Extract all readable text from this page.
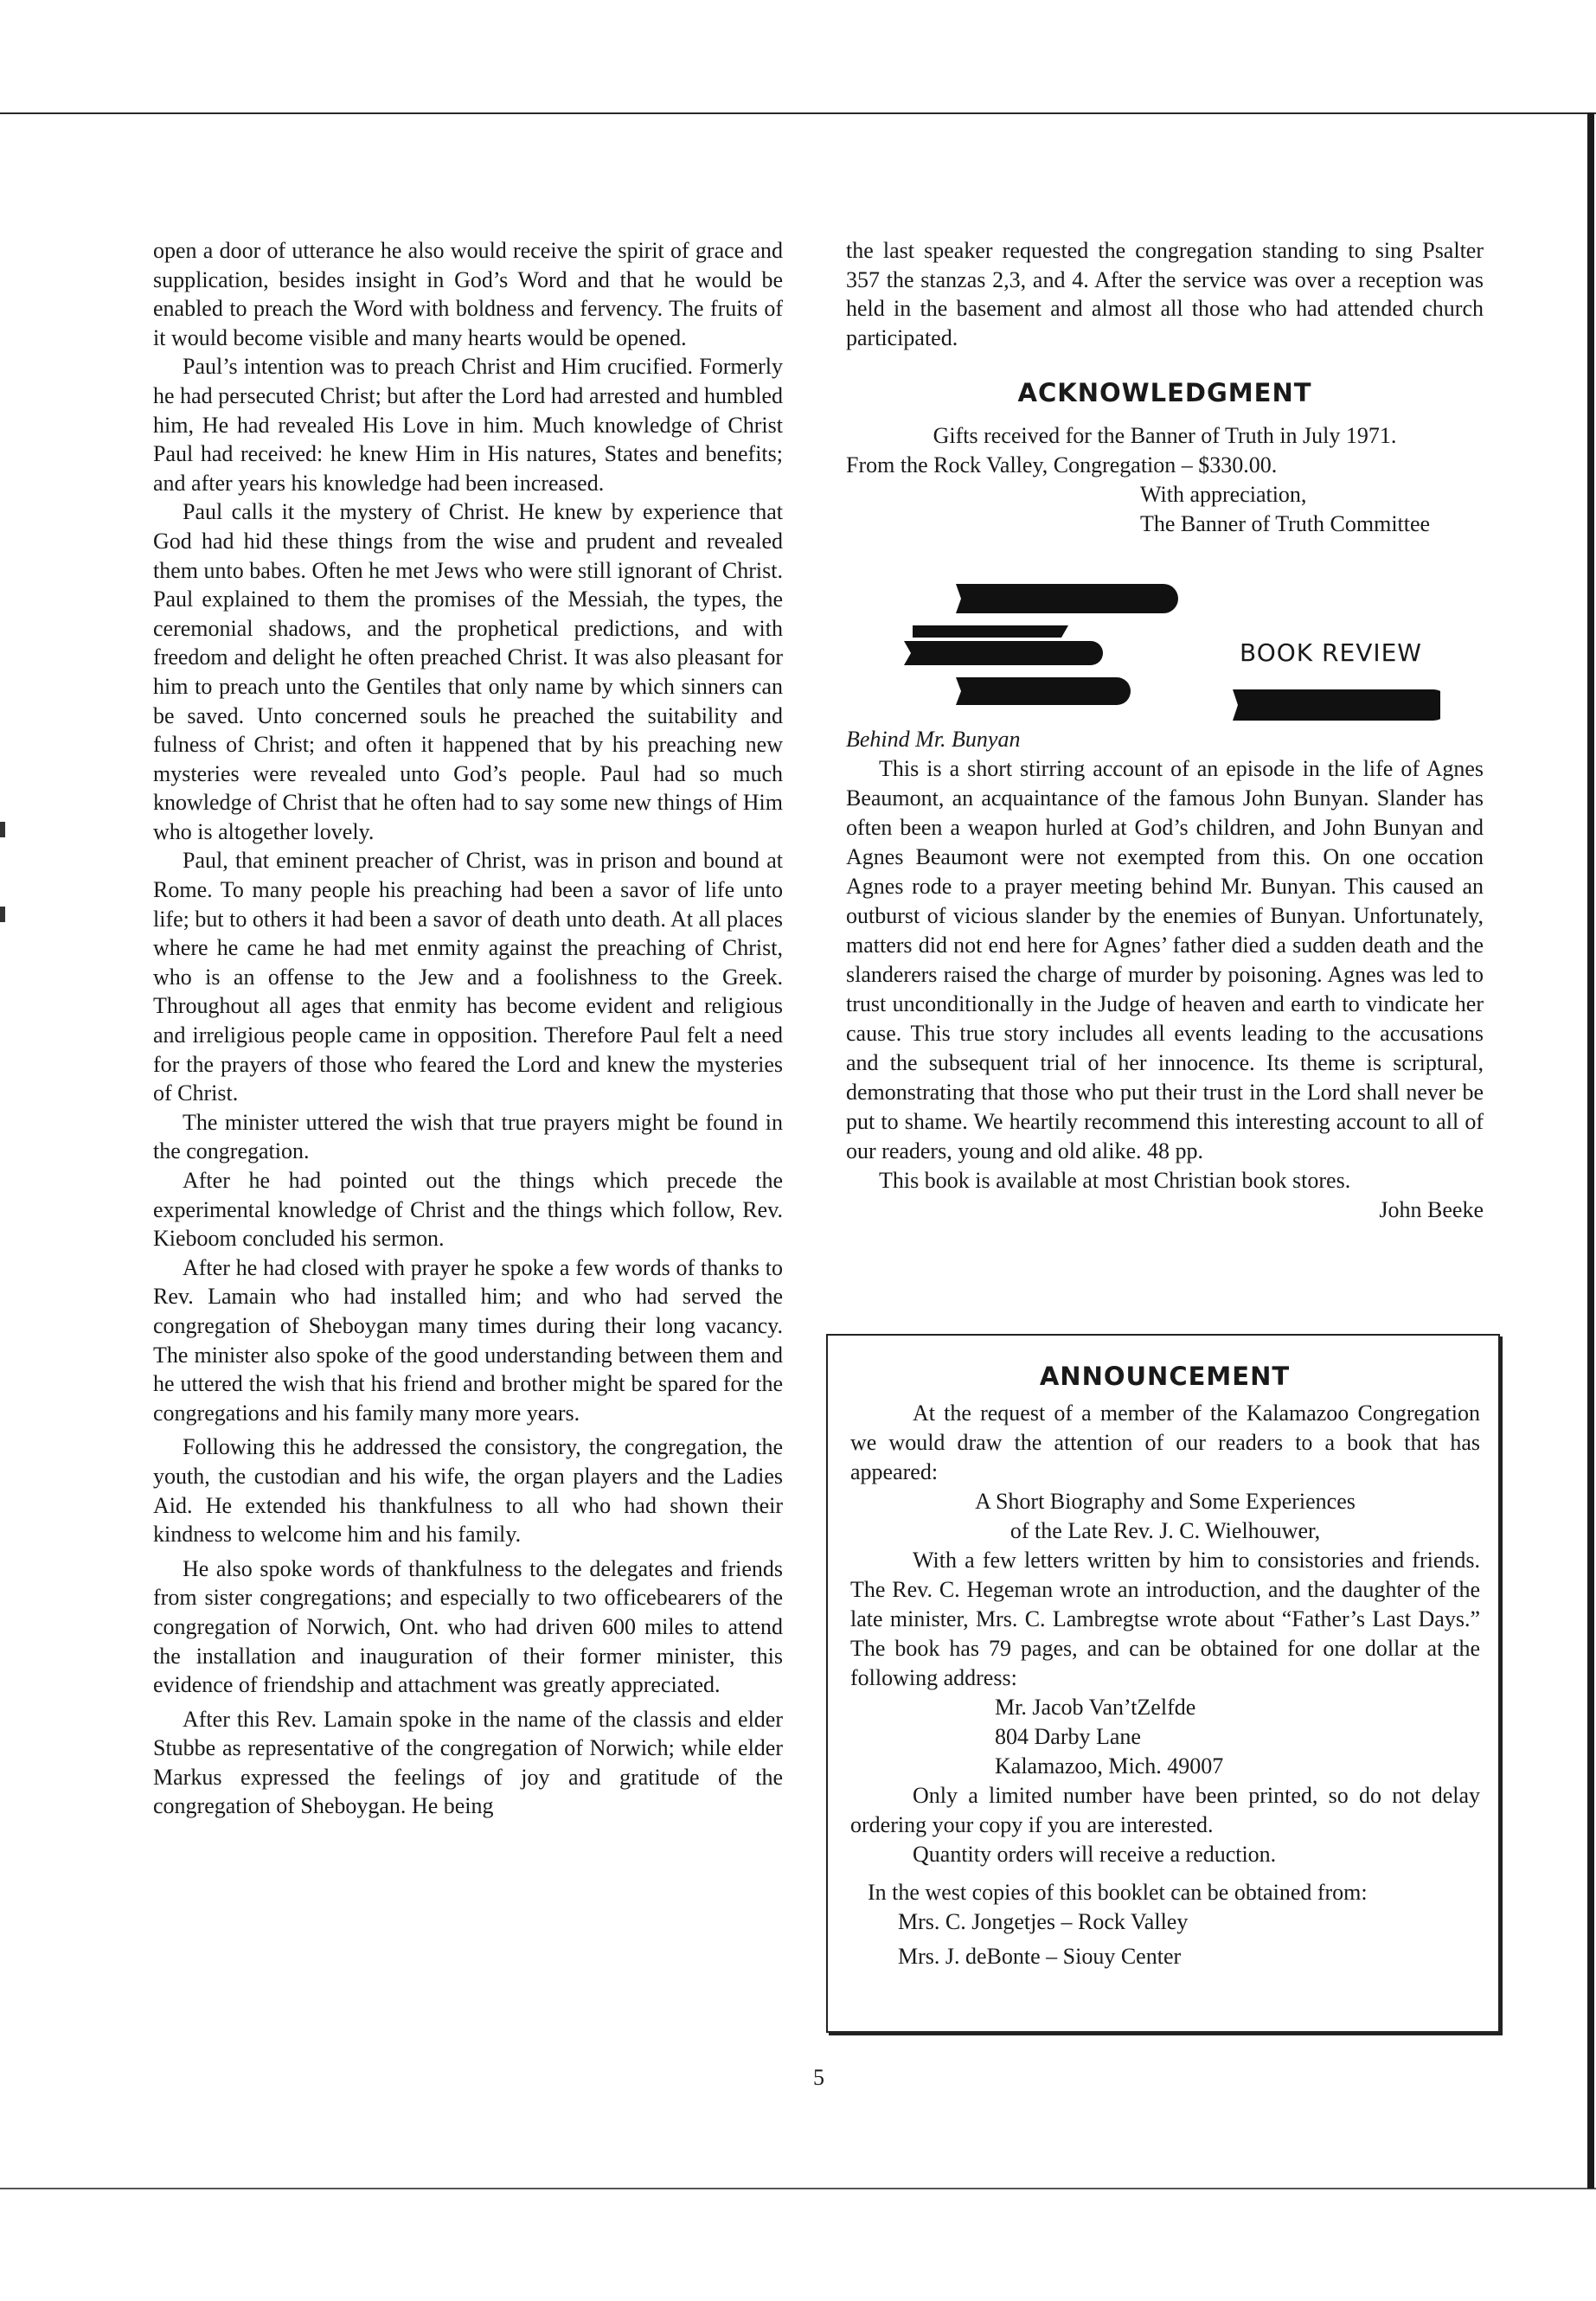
open a door of utterance he also would receive the spirit of grace and supplication, besides insight in God’s Word and that he would be enabled to preach the Word with boldness and fervency. The fruits of it would become visible and many hearts would be opened.

Paul’s intention was to preach Christ and Him crucified. Formerly he had persecuted Christ; but after the Lord had arrested and humbled him, He had revealed His Love in him. Much knowledge of Christ Paul had received: he knew Him in His natures, States and benefits; and after years his knowledge had been increased.

Paul calls it the mystery of Christ. He knew by experience that God had hid these things from the wise and prudent and revealed them unto babes. Often he met Jews who were still ignorant of Christ. Paul explained to them the promises of the Messiah, the types, the ceremonial shadows, and the prophetical predictions, and with freedom and delight he often preached Christ. It was also pleasant for him to preach unto the Gentiles that only name by which sinners can be saved. Unto concerned souls he preached the suitability and fulness of Christ; and often it happened that by his preaching new mysteries were revealed unto God’s people. Paul had so much knowledge of Christ that he often had to say some new things of Him who is altogether lovely.

Paul, that eminent preacher of Christ, was in prison and bound at Rome. To many people his preaching had been a savor of life unto life; but to others it had been a savor of death unto death. At all places where he came he had met enmity against the preaching of Christ, who is an offense to the Jew and a foolishness to the Greek. Throughout all ages that enmity has become evident and religious and irreligious people came in opposition. Therefore Paul felt a need for the prayers of those who feared the Lord and knew the mysteries of Christ.

The minister uttered the wish that true prayers might be found in the congregation.

After he had pointed out the things which precede the experimental knowledge of Christ and the things which follow, Rev. Kieboom concluded his sermon.

After he had closed with prayer he spoke a few words of thanks to Rev. Lamain who had installed him; and who had served the congregation of Sheboygan many times during their long vacancy. The minister also spoke of the good understanding between them and he uttered the wish that his friend and brother might be spared for the congregations and his family many more years.

Following this he addressed the consistory, the congregation, the youth, the custodian and his wife, the organ players and the Ladies Aid. He extended his thankfulness to all who had shown their kindness to welcome him and his family.

He also spoke words of thankfulness to the delegates and friends from sister congregations; and especially to two officebearers of the congregation of Norwich, Ont. who had driven 600 miles to attend the installation and inauguration of their former minister, this evidence of friendship and attachment was greatly appreciated.

After this Rev. Lamain spoke in the name of the classis and elder Stubbe as representative of the congregation of Norwich; while elder Markus expressed the feelings of joy and gratitude of the congregation of Sheboygan. He being

the last speaker requested the congregation standing to sing Psalter 357 the stanzas 2,3, and 4. After the service was over a reception was held in the basement and almost all those who had attended church participated.

ACKNOWLEDGMENT

Gifts received for the Banner of Truth in July 1971.

From the Rock Valley, Congregation – $330.00.

With appreciation,

The Banner of Truth Committee

BOOK REVIEW

Behind Mr. Bunyan

This is a short stirring account of an episode in the life of Agnes Beaumont, an acquaintance of the famous John Bunyan. Slander has often been a weapon hurled at God’s children, and John Bunyan and Agnes Beaumont were not exempted from this. On one occation Agnes rode to a prayer meeting behind Mr. Bunyan. This caused an outburst of vicious slander by the enemies of Bunyan. Unfortunately, matters did not end here for Agnes’ father died a sudden death and the slanderers raised the charge of murder by poisoning. Agnes was led to trust unconditionally in the Judge of heaven and earth to vindicate her cause. This true story includes all events leading to the accusations and the subsequent trial of her innocence. Its theme is scriptural, demonstrating that those who put their trust in the Lord shall never be put to shame. We heartily recommend this interesting account to all of our readers, young and old alike. 48 pp.

This book is available at most Christian book stores.

John Beeke

ANNOUNCEMENT

At the request of a member of the Kalamazoo Congregation we would draw the attention of our readers to a book that has appeared:

A Short Biography and Some Experiences

of the Late Rev. J. C. Wielhouwer,

With a few letters written by him to consistories and friends. The Rev. C. Hegeman wrote an introduction, and the daughter of the late minister, Mrs. C. Lambregtse wrote about “Father’s Last Days.” The book has 79 pages, and can be obtained for one dollar at the following address:

Mr. Jacob Van’tZelfde

804 Darby Lane

Kalamazoo, Mich. 49007

Only a limited number have been printed, so do not delay ordering your copy if you are interested.

Quantity orders will receive a reduction.

In the west copies of this booklet can be obtained from:

Mrs. C. Jongetjes – Rock Valley

Mrs. J. deBonte – Siouy Center

5
